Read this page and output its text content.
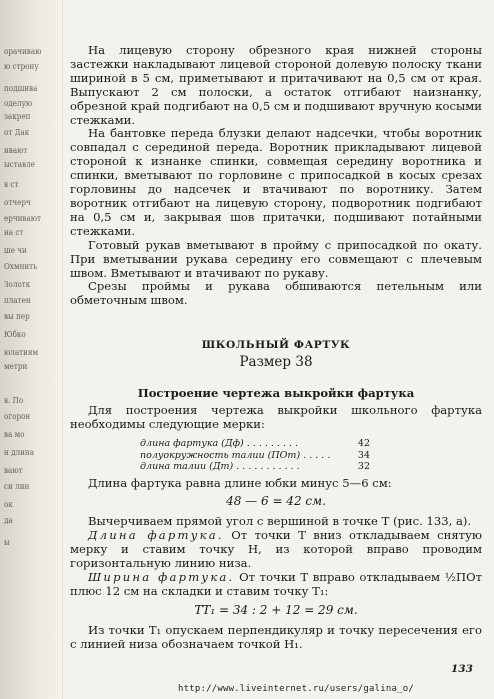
орачиваю
ю строну
подшива
оделую
закреп
от Дак
ивают
ыставле
в ст
отчерч
ерчивают
на ст
ше чи
Охмнить
Золотк
платен
вы пер
Юбко
юлатиям
метри
в. По
огорон
ва мо
н длина
вают
си лин
ок
да
ы

На лицевую сторону обрезного края нижней стороны застежки накладывают лицевой стороной долевую полоску ткани шириной в 5 см, приметывают и притачивают на 0,5 см от края. Выпускают 2 см полоски, а остаток отгибают наизнанку, обрезной край подгибают на 0,5 см и подшивают вручную косыми стежками.

На бантовке переда блузки делают надсечки, чтобы воротник совпадал с серединой переда. Воротник прикладывают лицевой стороной к изнанке спинки, совмещая середину воротника и спинки, вметывают по горловине с припосадкой в косых срезах горловины до надсечек и втачивают по воротнику. Затем воротник отгибают на лицевую сторону, подворотник подгибают на 0,5 см и, закрывая шов притачки, подшивают потайными стежками.

Готовый рукав вметывают в пройму с припосадкой по окату. При вметывании рукава середину его совмещают с плечевым швом. Вметывают и втачивают по рукаву.

Срезы проймы и рукава обшиваются петельным или обметочным швом.

ШКОЛЬНЫЙ ФАРТУК
Размер 38
Построение чертежа выкройки фартука

Для построения чертежа выкройки школьного фартука необходимы следующие мерки:

длина фартука (Дф) . . . . . . . . .	42
полуокружность талии (ПОт) . . . . .	34
длина талии (Дт) . . . . . . . . . . .	32

Длина фартука равна длине юбки минус 5—6 см:

48 — 6 = 42 см.

Вычерчиваем прямой угол с вершиной в точке Т (рис. 133, а).

Длина фартука. От точки Т вниз откладываем снятую мерку и ставим точку Н, из которой вправо проводим горизонтальную линию низа.

Ширина фартука. От точки Т вправо откладываем ½ПОт плюс 12 см на складки и ставим точку Т₁:

ТТ₁ = 34 : 2 + 12 = 29 см.

Из точки Т₁ опускаем перпендикуляр и точку пересечения его с линией низа обозначаем точкой Н₁.

133
http://www.liveinternet.ru/users/galina_o/
